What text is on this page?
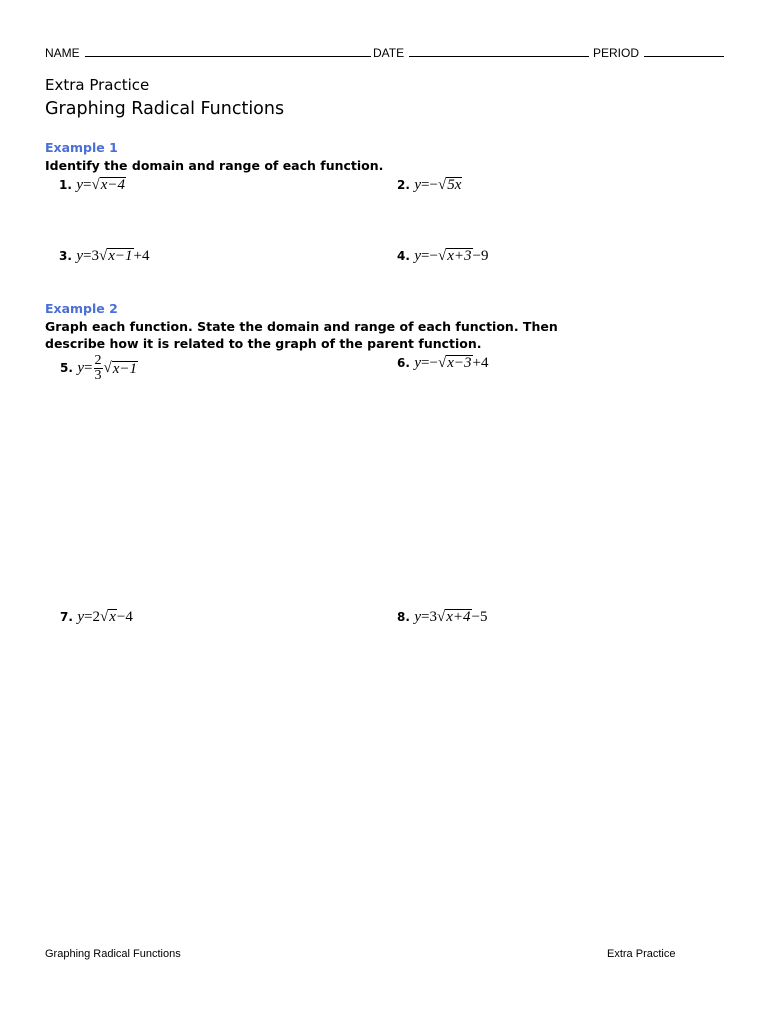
NAME	DATE	PERIOD
Extra Practice
Graphing Radical Functions
Example 1
Identify the domain and range of each function.
1. y=√x−4	2. y=−√5x
3. y=3√x−1+4	4. y=−√x+3−9
Example 2
Graph each function. State the domain and range of each function. Then describe how it is related to the graph of the parent function.
5. $y = \frac{2}{3}$ √ x−1	6. y=−√x−3+4
7. y=2√x−4	8. y=3√x+4−5
Graphing Radical Functions	Extra Practice
